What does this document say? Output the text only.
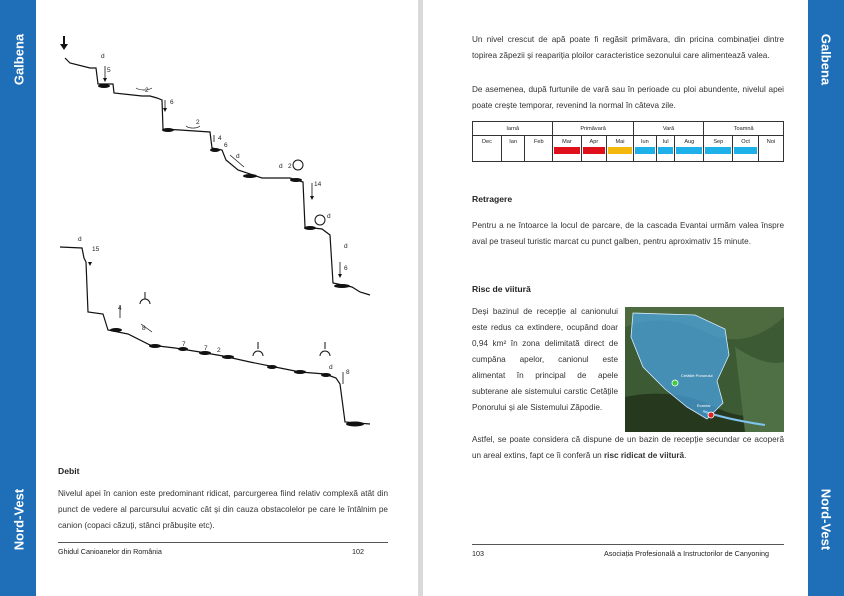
Galbena
Nord-Vest
d
5
2
6
2
4
d
6
d 2
14
d
d
6
d
15
4
8
7
7 2
d
8
Debit
Nivelul apei în canion este predominant ridicat, parcurgerea fiind relativ complexă atât din punct de vedere al parcursului acvatic cât și din cauza obstacolelor pe care le întâlnim pe canion (copaci căzuți, stânci prăbușite etc).
Ghidul Canioanelor din România	102
Galbena
Nord-Vest
Un nivel crescut de apă poate fi regăsit primăvara, din pricina combinației dintre topirea zăpezii și reapariția ploilor caracteristice sezonului care alimentează valea.
De asemenea, după furtunile de vară sau în perioade cu ploi abundente, nivelul apei poate crește temporar, revenind la normal în câteva zile.
Iarnă			Primăvară			Vară			Toamnă		
Dec	Ian	Feb	Mar	Apr	Mai	Iun	Iul	Aug	Sep	Oct	Noi
Retragere
Pentru a ne întoarce la locul de parcare, de la cascada Evantai urmăm valea înspre aval pe traseul turistic marcat cu punct galben, pentru aproximativ 15 minute.
Risc de viitură
Deși bazinul de recepție al canionului este redus ca extindere, ocupând doar 0,94 km² în zona delimitată direct de cumpăna apelor, canionul este alimentat în principal de apele subterane ale sistemului carstic Cetățile Ponorului și ale Sistemului Zăpodie.
Cetățile Ponorului
Evantai
Astfel, se poate considera că dispune de un bazin de recepție secundar ce acoperă un areal extins, fapt ce îi conferă un risc ridicat de viitură.
103	Asociația Profesională a Instructorilor de Canyoning
